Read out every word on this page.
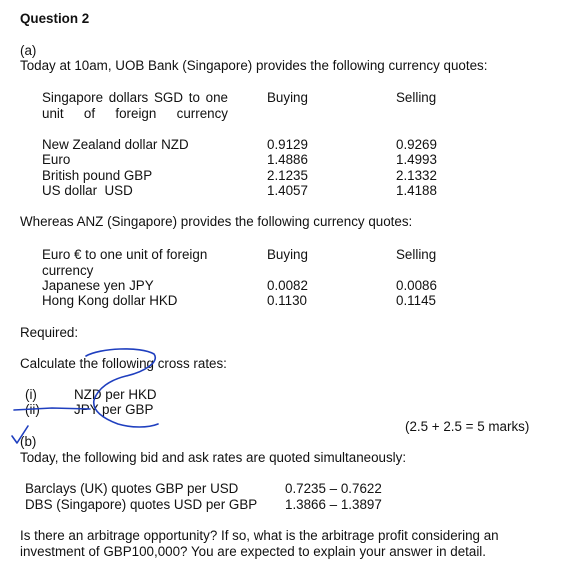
Question 2
(a)
Today at 10am, UOB Bank (Singapore) provides the following currency quotes:
Singapore dollars SGD to one unit of foreign currency
Buying	Selling
New Zealand dollar NZD	0.9129	0.9269
Euro	1.4886	1.4993
British pound GBP	2.1235	2.1332
US dollar  USD	1.4057	1.4188
Whereas ANZ (Singapore) provides the following currency quotes:
Euro € to one unit of foreign currency
Buying	Selling
Japanese yen JPY	0.0082	0.0086
Hong Kong dollar HKD	0.1130	0.1145
Required:
Calculate the following cross rates:
(i)	NZD per HKD
(ii)	JPY per GBP
(2.5 + 2.5 = 5 marks)
(b)
Today, the following bid and ask rates are quoted simultaneously:
Barclays (UK) quotes GBP per USD	0.7235 – 0.7622
DBS (Singapore) quotes USD per GBP 1.3866 – 1.3897
Is there an arbitrage opportunity? If so, what is the arbitrage profit considering an investment of GBP100,000? You are expected to explain your answer in detail.
